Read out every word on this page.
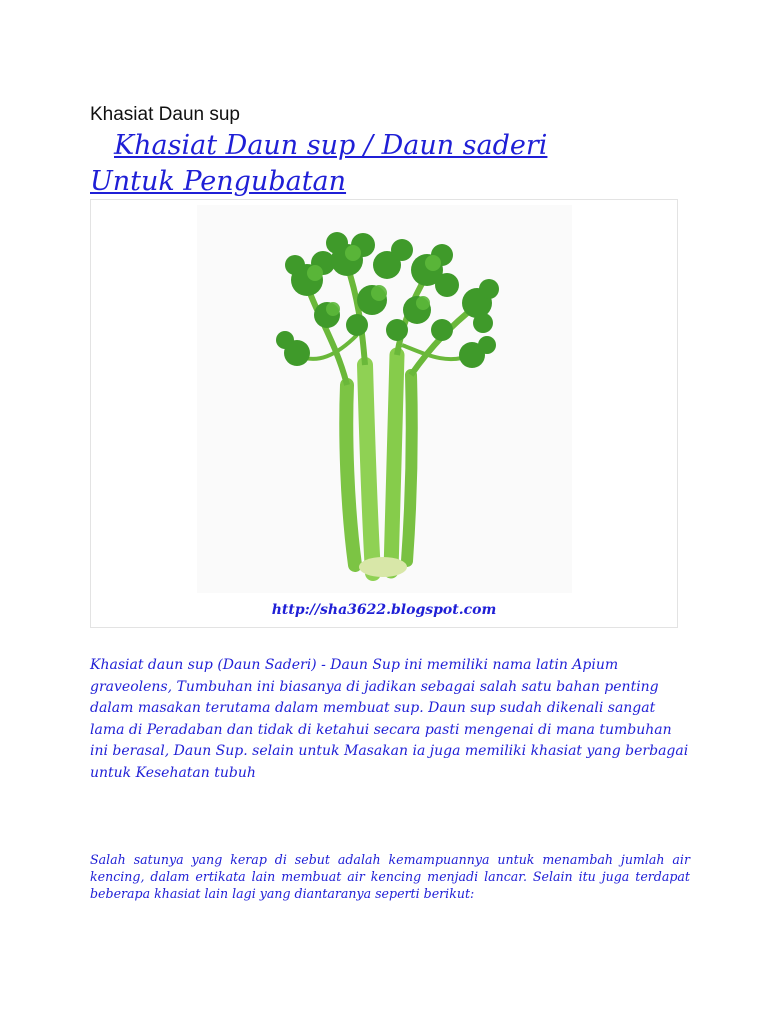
Khasiat Daun sup
Khasiat Daun sup / Daun saderi
Untuk Pengubatan
http://sha3622.blogspot.com
Khasiat daun sup (Daun Saderi) - Daun Sup ini memiliki nama latin Apium graveolens, Tumbuhan ini biasanya di jadikan sebagai salah satu bahan penting dalam masakan terutama dalam membuat sup. Daun sup sudah dikenali sangat lama di Peradaban dan tidak di ketahui secara pasti mengenai di mana tumbuhan ini berasal, Daun Sup. selain untuk Masakan ia juga memiliki khasiat yang berbagai untuk Kesehatan tubuh
Salah satunya yang kerap di sebut adalah kemampuannya untuk menambah jumlah air kencing, dalam ertikata lain membuat air kencing menjadi lancar. Selain itu juga terdapat beberapa khasiat lain lagi yang diantaranya seperti berikut:
